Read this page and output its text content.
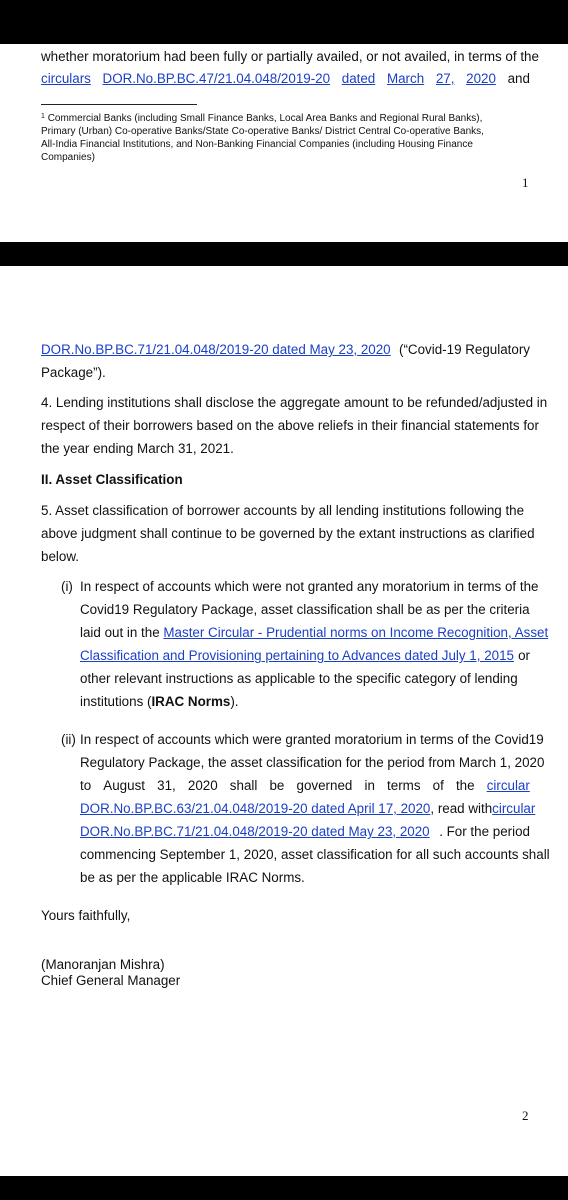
whether moratorium had been fully or partially availed, or not availed, in terms of the
circulars DOR.No.BP.BC.47/21.04.048/2019-20 dated March 27, 2020 and
$^1$ Commercial Banks (including Small Finance Banks, Local Area Banks and Regional Rural Banks),
Primary (Urban) Co-operative Banks/State Co-operative Banks/ District Central Co-operative Banks,
All-India Financial Institutions, and Non-Banking Financial Companies (including Housing Finance
Companies)
1
DOR.No.BP.BC.71/21.04.048/2019-20 dated May 23, 2020 (“Covid-19 Regulatory
Package”).
4. Lending institutions shall disclose the aggregate amount to be refunded/adjusted in
respect of their borrowers based on the above reliefs in their financial statements for
the year ending March 31, 2021.
II. Asset Classification
5. Asset classification of borrower accounts by all lending institutions following the
above judgment shall continue to be governed by the extant instructions as clarified
below.
(i) In respect of accounts which were not granted any moratorium in terms of the
Covid19 Regulatory Package, asset classification shall be as per the criteria
laid out in the Master Circular - Prudential norms on Income Recognition, Asset
Classification and Provisioning pertaining to Advances dated July 1, 2015 or
other relevant instructions as applicable to the specific category of lending
institutions (IRAC Norms).
(ii) In respect of accounts which were granted moratorium in terms of the Covid19
Regulatory Package, the asset classification for the period from March 1, 2020
to August 31, 2020 shall be governed in terms of the circular
DOR.No.BP.BC.63/21.04.048/2019-20 dated April 17, 2020, read with circular
DOR.No.BP.BC.71/21.04.048/2019-20 dated May 23, 2020 . For the period
commencing September 1, 2020, asset classification for all such accounts shall
be as per the applicable IRAC Norms.
Yours faithfully,
(Manoranjan Mishra)
Chief General Manager
2
